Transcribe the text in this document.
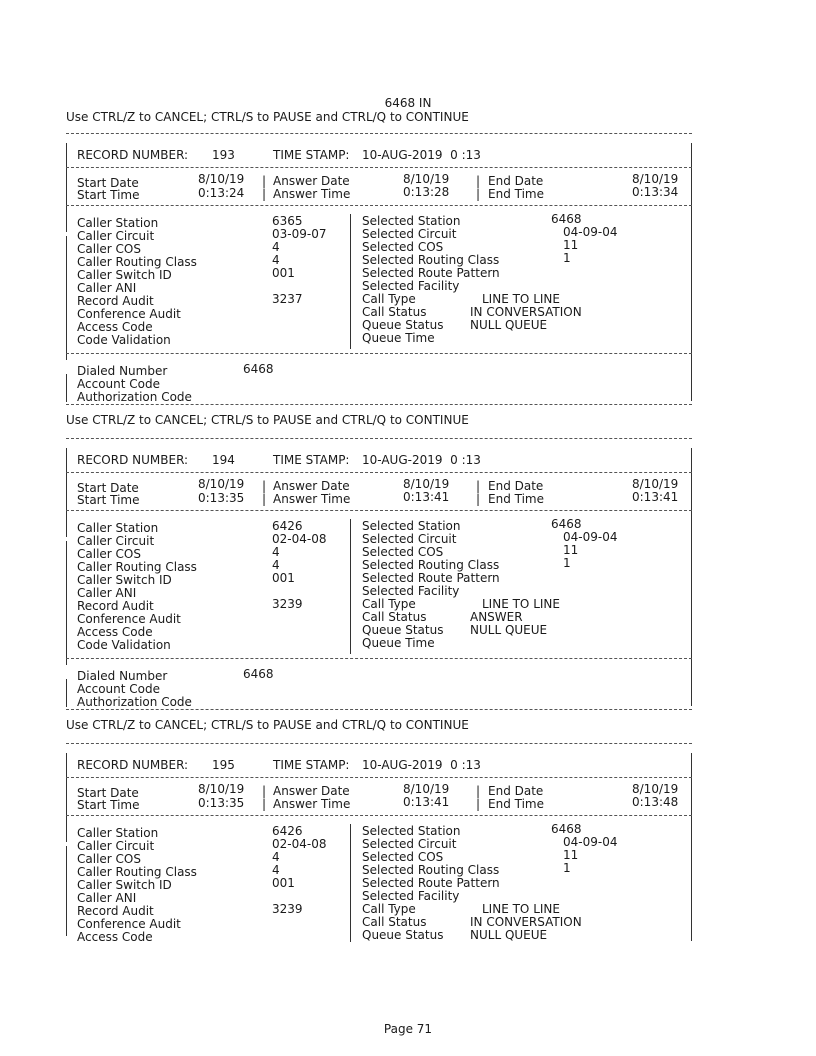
6468 IN
Use CTRL/Z to CANCEL; CTRL/S to PAUSE and CTRL/Q to CONTINUE
RECORD NUMBER: 193	TIME STAMP: 10-AUG-2019  0 :13
Start Date	8/10/19 | Answer Date	8/10/19 | End Date	8/10/19
Start Time	0:13:24 | Answer Time	0:13:28 | End Time	0:13:34
Caller Station	6365
Caller Circuit	03-09-07
Caller COS	4
Caller Routing Class	4
Caller Switch ID	001
Caller ANI
Record Audit	3237
Conference Audit
Access Code
Code Validation
Selected Station	6468
Selected Circuit	04-09-04
Selected COS	11
Selected Routing Class	1
Selected Route Pattern
Selected Facility
Call Type	LINE TO LINE
Call Status	IN CONVERSATION
Queue Status NULL QUEUE
Queue Time
Dialed Number	6468
Account Code
Authorization Code
Use CTRL/Z to CANCEL; CTRL/S to PAUSE and CTRL/Q to CONTINUE
RECORD NUMBER: 194	TIME STAMP: 10-AUG-2019  0 :13
Start Date	8/10/19 | Answer Date	8/10/19 | End Date	8/10/19
Start Time	0:13:35 | Answer Time	0:13:41 | End Time	0:13:41
Caller Station	6426
Caller Circuit	02-04-08
Caller COS	4
Caller Routing Class	4
Caller Switch ID	001
Caller ANI
Record Audit	3239
Conference Audit
Access Code
Code Validation
Selected Station	6468
Selected Circuit	04-09-04
Selected COS	11
Selected Routing Class	1
Selected Route Pattern
Selected Facility
Call Type	LINE TO LINE
Call Status	ANSWER
Queue Status NULL QUEUE
Queue Time
Dialed Number	6468
Account Code
Authorization Code
Use CTRL/Z to CANCEL; CTRL/S to PAUSE and CTRL/Q to CONTINUE
RECORD NUMBER: 195	TIME STAMP: 10-AUG-2019  0 :13
Start Date	8/10/19 | Answer Date	8/10/19 | End Date	8/10/19
Start Time	0:13:35 | Answer Time	0:13:41 | End Time	0:13:48
Caller Station	6426
Caller Circuit	02-04-08
Caller COS	4
Caller Routing Class	4
Caller Switch ID	001
Caller ANI
Record Audit	3239
Conference Audit
Access Code
Selected Station	6468
Selected Circuit	04-09-04
Selected COS	11
Selected Routing Class	1
Selected Route Pattern
Selected Facility
Call Type	LINE TO LINE
Call Status	IN CONVERSATION
Queue Status NULL QUEUE
Page 71
